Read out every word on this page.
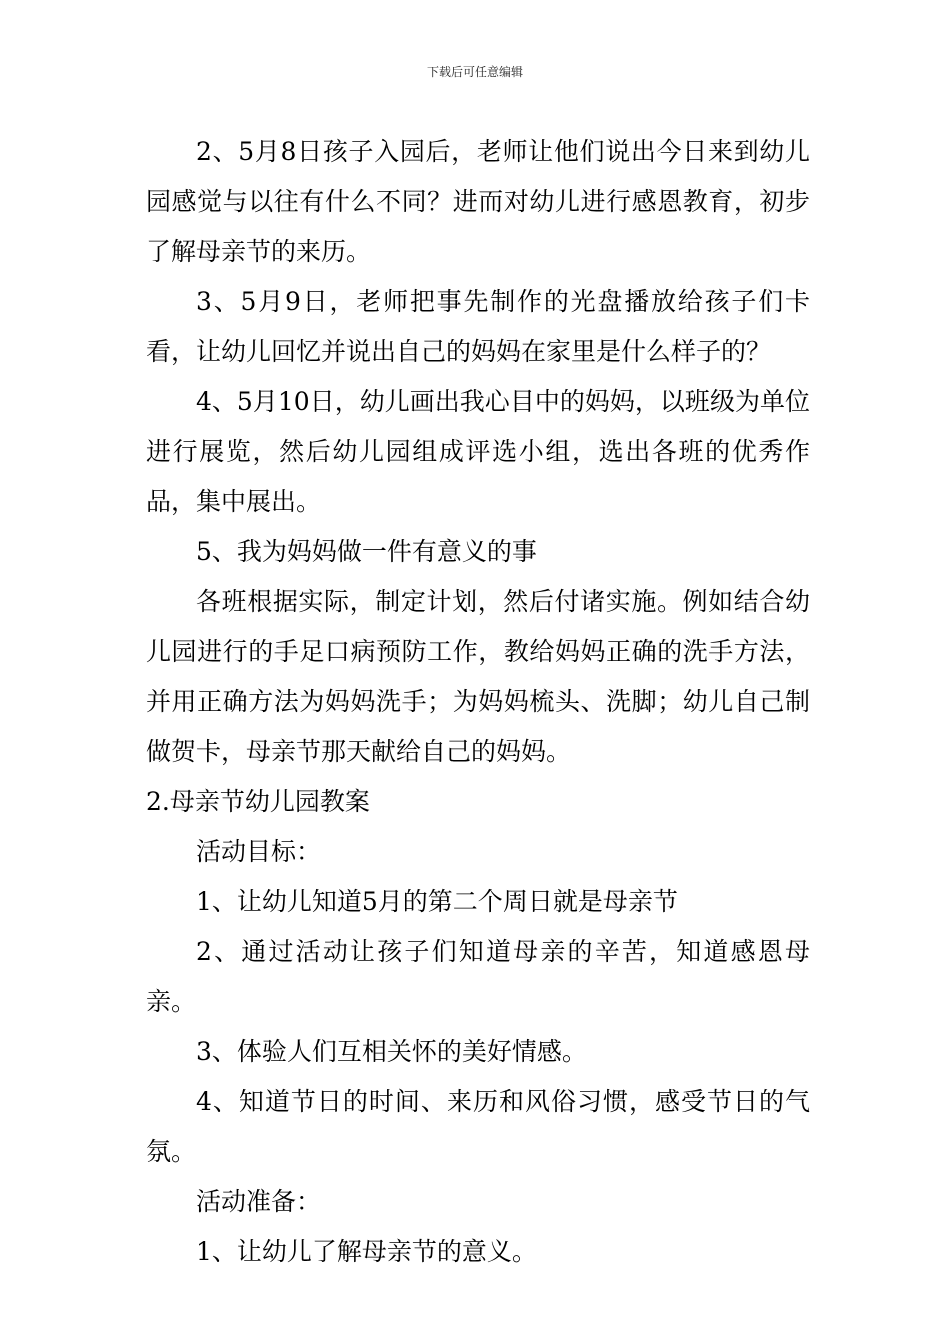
下载后可任意编辑

2、5月8日孩子入园后，老师让他们说出今日来到幼儿园感觉与以往有什么不同？进而对幼儿进行感恩教育，初步了解母亲节的来历。

3、5月9日，老师把事先制作的光盘播放给孩子们卡看，让幼儿回忆并说出自己的妈妈在家里是什么样子的？

4、5月10日，幼儿画出我心目中的妈妈，以班级为单位进行展览，然后幼儿园组成评选小组，选出各班的优秀作品，集中展出。

5、我为妈妈做一件有意义的事

各班根据实际，制定计划，然后付诸实施。例如结合幼儿园进行的手足口病预防工作，教给妈妈正确的洗手方法，并用正确方法为妈妈洗手；为妈妈梳头、洗脚；幼儿自己制做贺卡，母亲节那天献给自己的妈妈。

2.母亲节幼儿园教案

活动目标：

1、让幼儿知道5月的第二个周日就是母亲节

2、通过活动让孩子们知道母亲的辛苦，知道感恩母亲。

3、体验人们互相关怀的美好情感。

4、知道节日的时间、来历和风俗习惯，感受节日的气氛。

活动准备：

1、让幼儿了解母亲节的意义。
